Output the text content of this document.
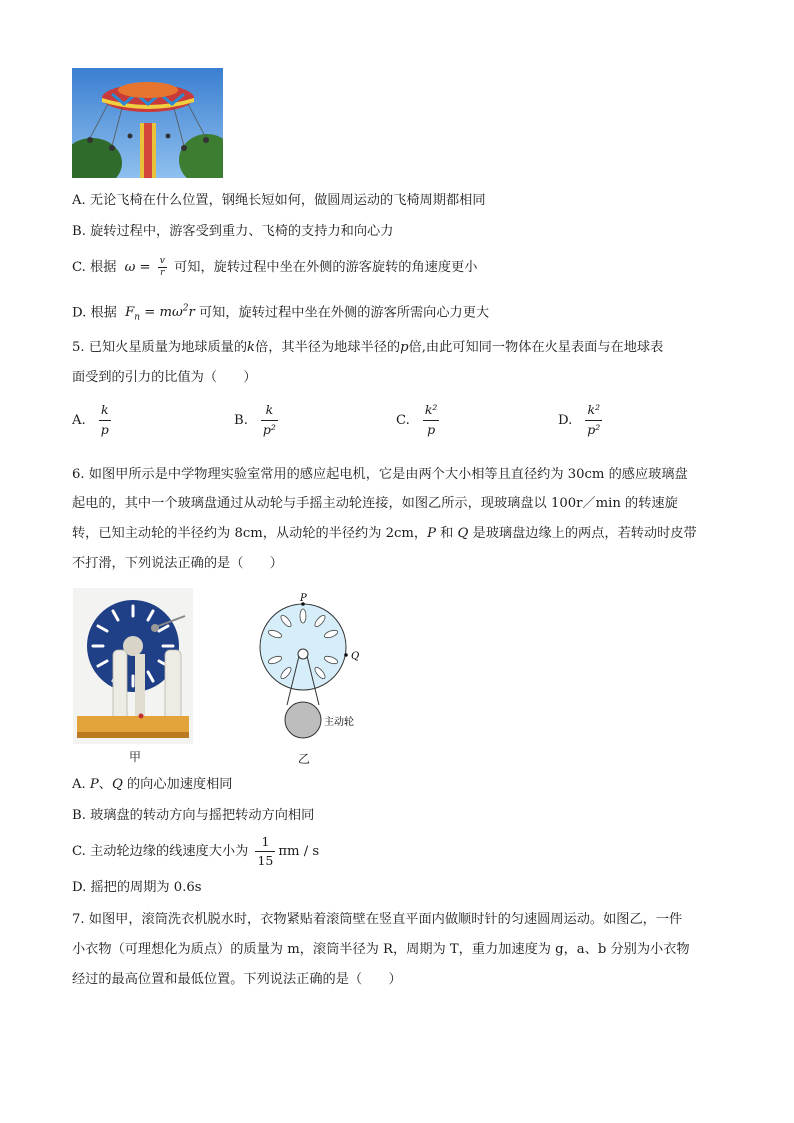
A. 无论飞椅在什么位置，钢绳长短如何，做圆周运动的飞椅周期都相同
B. 旋转过程中，游客受到重力、飞椅的支持力和向心力
C. 根据 $\omega = \frac{v}{r}$ 可知，旋转过程中坐在外侧的游客旋转的角速度更小
D. 根据 $F_n = m\omega^2r$ 可知，旋转过程中坐在外侧的游客所需向心力更大
5. 已知火星质量为地球质量的k倍，其半径为地球半径的p倍,由此可知同一物体在火星表面与在地球表
面受到的引力的比值为（　　）
A. $\frac{k}{p}$	B. $\frac{k}{\text{p²}}$	C. $\frac{\text{k²}}{p}$	D. $\frac{\text{k²}}{\text{p²}}$
6. 如图甲所示是中学物理实验室常用的感应起电机，它是由两个大小相等且直径约为 30cm 的感应玻璃盘
起电的，其中一个玻璃盘通过从动轮与手摇主动轮连接，如图乙所示，现玻璃盘以 100r／min 的转速旋
转，已知主动轮的半径约为 8cm，从动轮的半径约为 2cm，P 和 Q 是玻璃盘边缘上的两点，若转动时皮带
不打滑，下列说法正确的是（　　）
甲
P
Q
主动轮
乙
A. P、Q 的向心加速度相同
B. 玻璃盘的转动方向与摇把转动方向相同
C. 主动轮边缘的线速度大小为 $\frac{1}{15}$ πm / s
D. 摇把的周期为 0.6s
7. 如图甲，滚筒洗衣机脱水时，衣物紧贴着滚筒壁在竖直平面内做顺时针的匀速圆周运动。如图乙，一件
小衣物（可理想化为质点）的质量为 m，滚筒半径为 R，周期为 T，重力加速度为 g，a、b 分别为小衣物
经过的最高位置和最低位置。下列说法正确的是（　　）
